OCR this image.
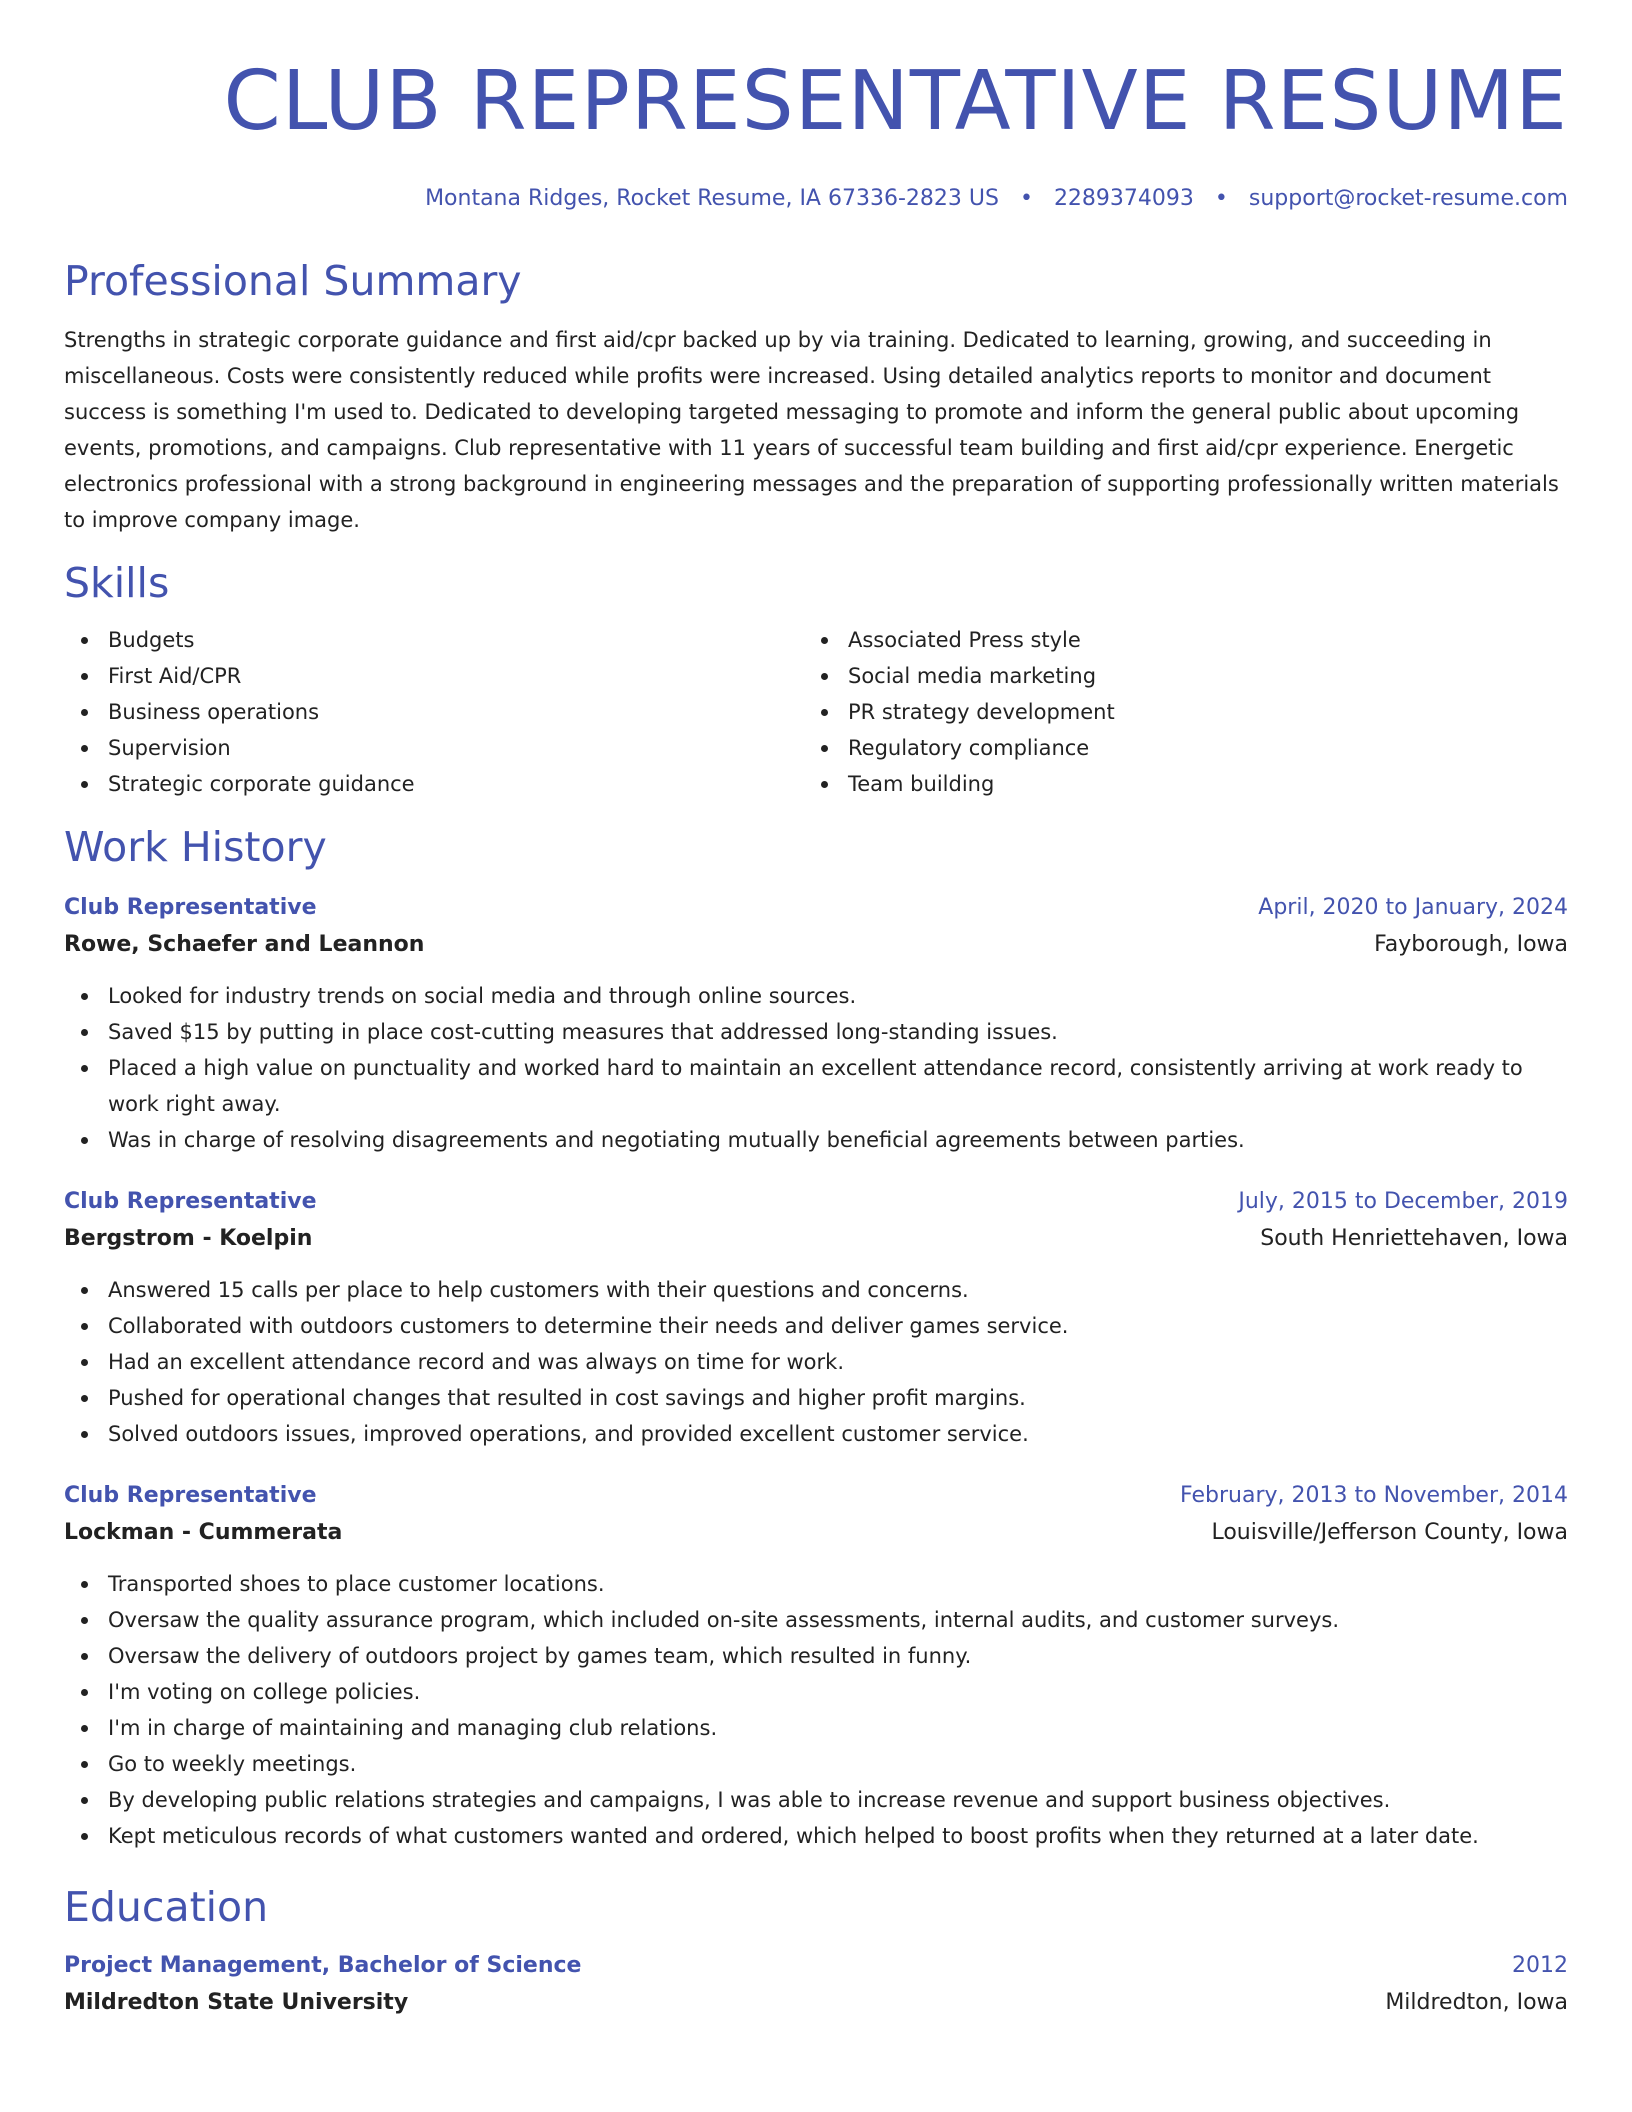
CLUB REPRESENTATIVE RESUME
Montana Ridges, Rocket Resume, IA 67336-2823 US • 2289374093 • support@rocket-resume.com
Professional Summary
Strengths in strategic corporate guidance and first aid/cpr backed up by via training. Dedicated to learning, growing, and succeeding in miscellaneous. Costs were consistently reduced while profits were increased. Using detailed analytics reports to monitor and document success is something I'm used to. Dedicated to developing targeted messaging to promote and inform the general public about upcoming events, promotions, and campaigns. Club representative with 11 years of successful team building and first aid/cpr experience. Energetic electronics professional with a strong background in engineering messages and the preparation of supporting professionally written materials to improve company image.
Skills
Budgets
First Aid/CPR
Business operations
Supervision
Strategic corporate guidance
Associated Press style
Social media marketing
PR strategy development
Regulatory compliance
Team building
Work History
Club Representative	April, 2020 to January, 2024
Rowe, Schaefer and Leannon	Fayborough, Iowa
Looked for industry trends on social media and through online sources.
Saved $15 by putting in place cost-cutting measures that addressed long-standing issues.
Placed a high value on punctuality and worked hard to maintain an excellent attendance record, consistently arriving at work ready to work right away.
Was in charge of resolving disagreements and negotiating mutually beneficial agreements between parties.
Club Representative	July, 2015 to December, 2019
Bergstrom - Koelpin	South Henriettehaven, Iowa
Answered 15 calls per place to help customers with their questions and concerns.
Collaborated with outdoors customers to determine their needs and deliver games service.
Had an excellent attendance record and was always on time for work.
Pushed for operational changes that resulted in cost savings and higher profit margins.
Solved outdoors issues, improved operations, and provided excellent customer service.
Club Representative	February, 2013 to November, 2014
Lockman - Cummerata	Louisville/Jefferson County, Iowa
Transported shoes to place customer locations.
Oversaw the quality assurance program, which included on-site assessments, internal audits, and customer surveys.
Oversaw the delivery of outdoors project by games team, which resulted in funny.
I'm voting on college policies.
I'm in charge of maintaining and managing club relations.
Go to weekly meetings.
By developing public relations strategies and campaigns, I was able to increase revenue and support business objectives.
Kept meticulous records of what customers wanted and ordered, which helped to boost profits when they returned at a later date.
Education
Project Management, Bachelor of Science	2012
Mildredton State University	Mildredton, Iowa
